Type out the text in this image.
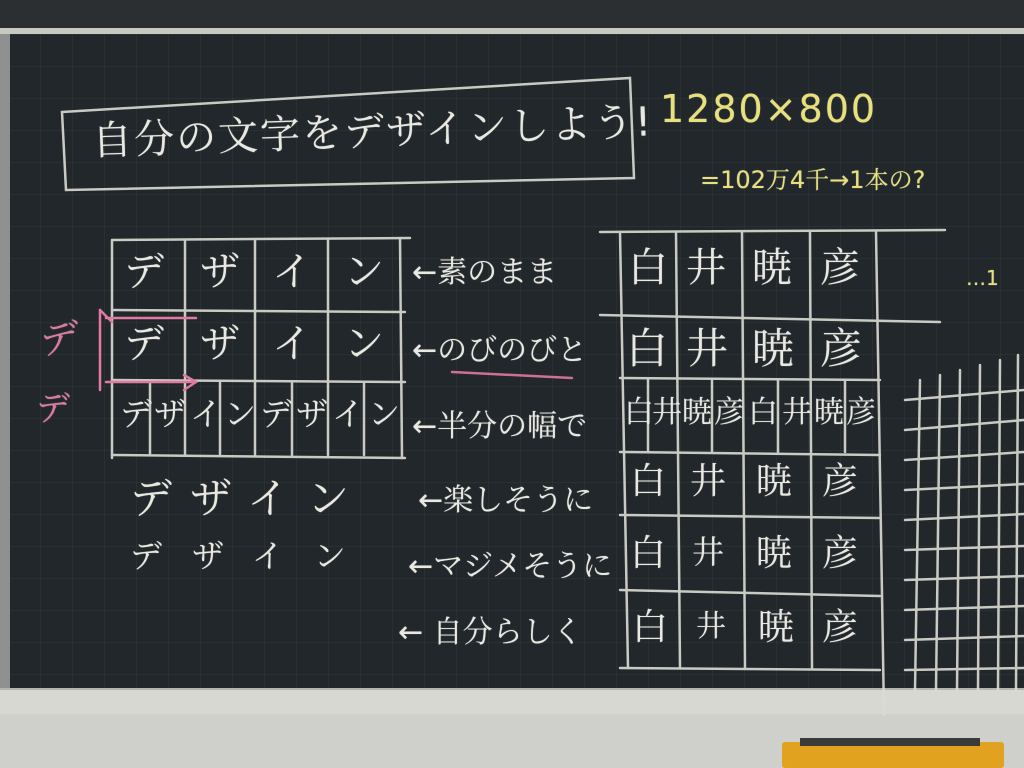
自分の文字をデザインしよう! 1280×800
=102万4千→1本の?
デ ザ イ ン ←素のまま
デ ザ イ ン ←のびのびと
デ ザ イ ン デ ザ イ ン ←半分の幅で
デザイン ←楽しそうに
デザイン ←マジメそうに
← 自分らしく
デ
デ
白 井 暁 彦
白 井 暁 彦
白
井 暁 彦 白 井 暁 彦
白 井 暁 彦
白 井 暁 彦
白 井 暁 彦
…1
